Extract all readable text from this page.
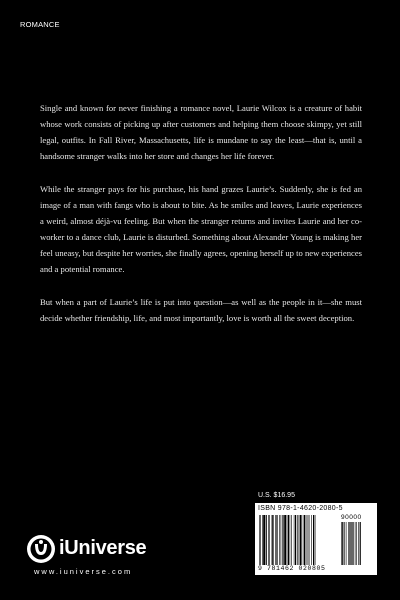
ROMANCE

Single and known for never finishing a romance novel, Laurie Wilcox is a creature of habit whose work consists of picking up after customers and helping them choose skimpy, yet still legal, outfits. In Fall River, Massachusetts, life is mundane to say the least—that is, until a handsome stranger walks into her store and changes her life forever.

While the stranger pays for his purchase, his hand grazes Laurie’s. Suddenly, she is fed an image of a man with fangs who is about to bite. As he smiles and leaves, Laurie experiences a weird, almost déjà-vu feeling. But when the stranger returns and invites Laurie and her co-worker to a dance club, Laurie is disturbed. Something about Alexander Young is making her feel uneasy, but despite her worries, she finally agrees, opening herself up to new experiences and a potential romance.

But when a part of Laurie’s life is put into question—as well as the people in it—she must decide whether friendship, life, and most importantly, love is worth all the sweet deception.

U.S. $16.95
ISBN 978-1-4620-2080-5
90000
9 781462 020805
iUniverse
www.iuniverse.com
